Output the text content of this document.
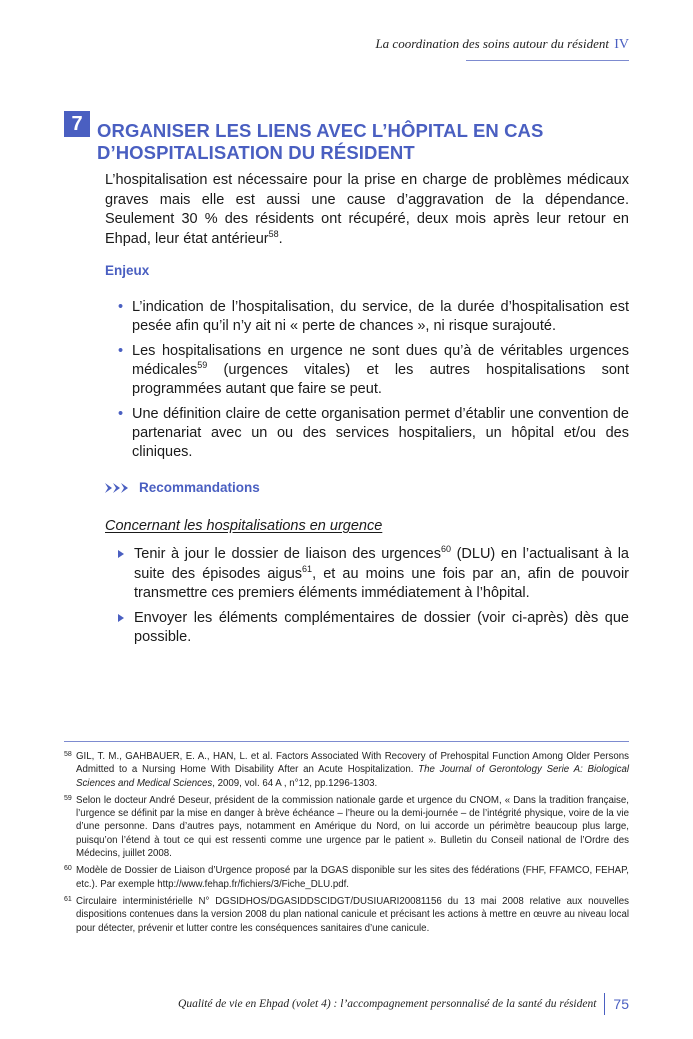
La coordination des soins autour du résident IV
7 ORGANISER LES LIENS AVEC L’HÔPITAL EN CAS
D’HOSPITALISATION DU RÉSIDENT

L’hospitalisation est nécessaire pour la prise en charge de problèmes médicaux graves mais elle est aussi une cause d’aggravation de la dépendance. Seulement 30 % des résidents ont récupéré, deux mois après leur retour en Ehpad, leur état antérieur$^{58}$.

Enjeux
• L’indication de l’hospitalisation, du service, de la durée d’hospitalisation est pesée afin qu’il n’y ait ni « perte de chances », ni risque surajouté.
• Les hospitalisations en urgence ne sont dues qu’à de véritables urgences médicales$^{59}$ (urgences vitales) et les autres hospitalisations sont programmées autant que faire se peut.
• Une définition claire de cette organisation permet d’établir une convention de partenariat avec un ou des services hospitaliers, un hôpital et/ou des cliniques.
Recommandations
Concernant les hospitalisations en urgence
Tenir à jour le dossier de liaison des urgences$^{60}$ (DLU) en l’actualisant à la suite des épisodes aigus$^{61}$, et au moins une fois par an, afin de pouvoir transmettre ces premiers éléments immédiatement à l’hôpital.
Envoyer les éléments complémentaires de dossier (voir ci-après) dès que possible.
58 GIL, T. M., GAHBAUER, E. A., HAN, L. et al. Factors Associated With Recovery of Prehospital Function Among Older Persons Admitted to a Nursing Home With Disability After an Acute Hospitalization. The Journal of Gerontology Serie A: Biological Sciences and Medical Sciences, 2009, vol. 64 A , n°12, pp.1296-1303.
59 Selon le docteur André Deseur, président de la commission nationale garde et urgence du CNOM, « Dans la tradition française, l’urgence se définit par la mise en danger à brève échéance – l’heure ou la demi-journée – de l’intégrité physique, voire de la vie d’une personne. Dans d’autres pays, notamment en Amérique du Nord, on lui accorde un périmètre beaucoup plus large, puisqu’on l’étend à tout ce qui est ressenti comme une urgence par le patient ». Bulletin du Conseil national de l’Ordre des Médecins, juillet 2008.
60 Modèle de Dossier de Liaison d’Urgence proposé par la DGAS disponible sur les sites des fédérations (FHF, FFAMCO, FEHAP, etc.). Par exemple http://www.fehap.fr/fichiers/3/Fiche_DLU.pdf.
61 Circulaire interministérielle N° DGSIDHOS/DGASIDDSCIDGT/DUSIUARI20081156 du 13 mai 2008 relative aux nouvelles dispositions contenues dans la version 2008 du plan national canicule et précisant les actions à mettre en œuvre au niveau local pour détecter, prévenir et lutter contre les conséquences sanitaires d’une canicule.
Qualité de vie en Ehpad (volet 4) : l’accompagnement personnalisé de la santé du résident 75
